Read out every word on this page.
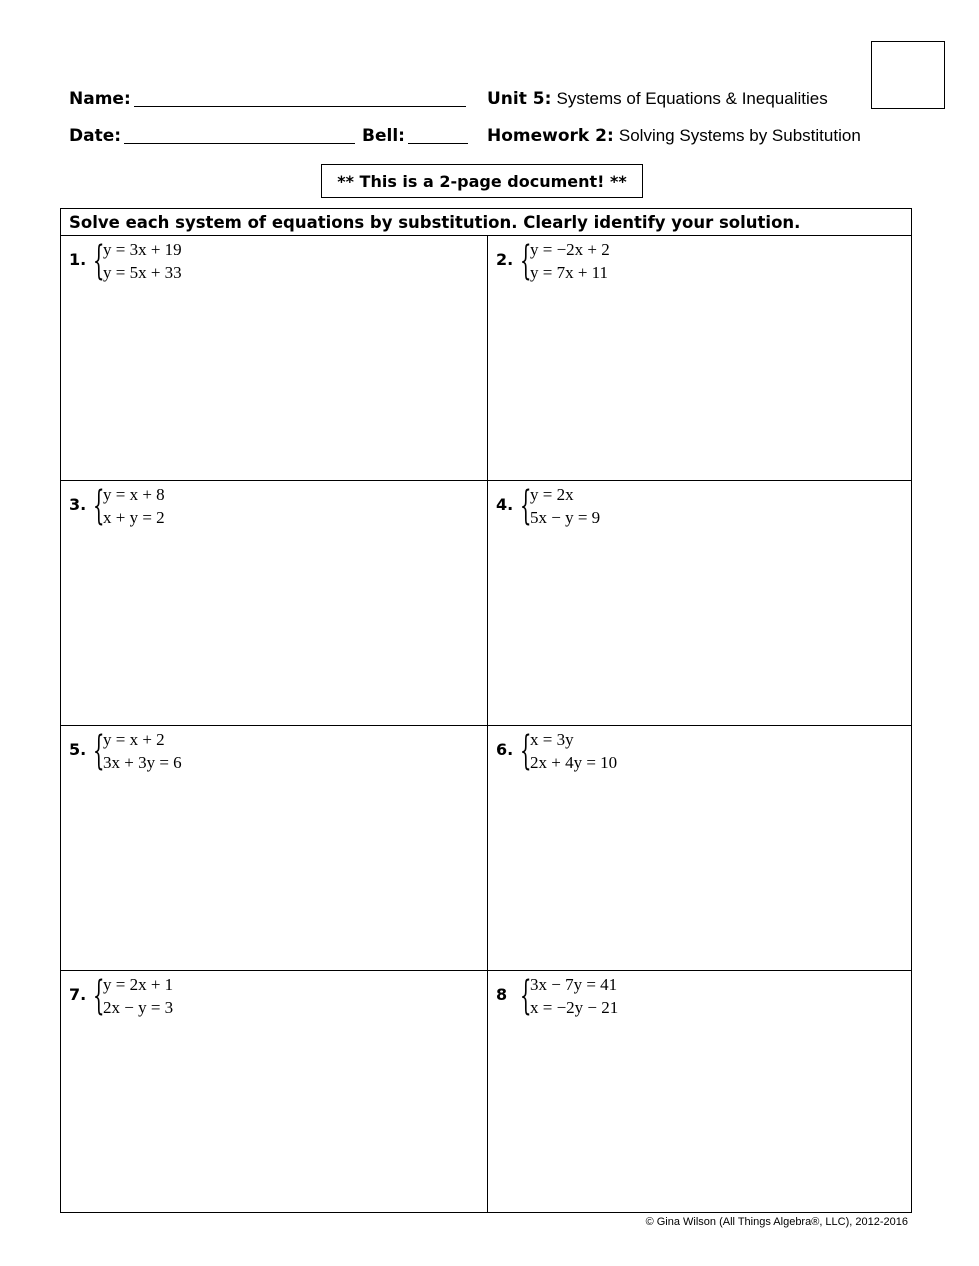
Name:
Date:	Bell:
Unit 5: Systems of Equations & Inequalities
Homework 2: Solving Systems by Substitution
** This is a 2-page document! **
Solve each system of equations by substitution. Clearly identify your solution.
1. {
y = 3x + 19
y = 5x + 33
2. {
y = −2x + 2
y = 7x + 11
3. {
y = x + 8
x + y = 2
4. {
y = 2x
5x − y = 9
5. {
y = x + 2
3x + 3y = 6
6. {
x = 3y
2x + 4y = 10
7. {
y = 2x + 1
2x − y = 3
8 {
3x − 7y = 41
x = −2y − 21
© Gina Wilson (All Things Algebra®, LLC), 2012-2016
